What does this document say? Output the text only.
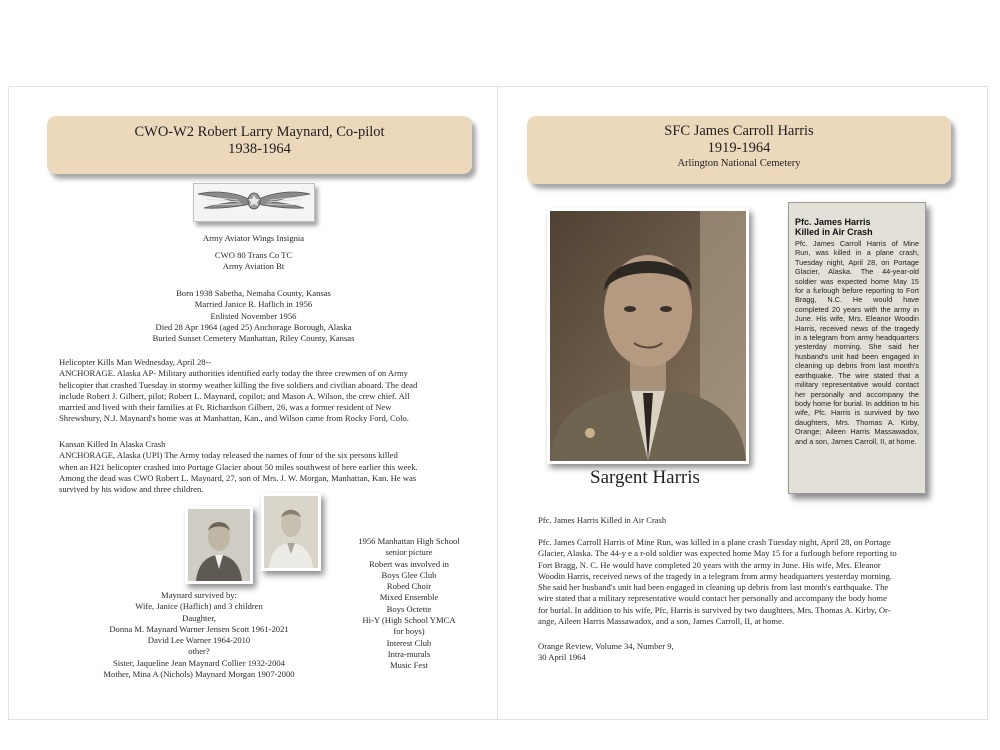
CWO-W2 Robert Larry Maynard, Co-pilot
1938-1964
Army Aviator Wings Insignia
CWO 80 Trans Co TC
Army Aviation Bt
Born 1938 Sabetha, Nemaha County, Kansas
Married Janice R. Haflich in 1956
Enlisted November 1956
Died 28 Apr 1964 (aged 25) Anchorage Borough, Alaska
Buried Sunset Cemetery Manhattan, Riley County, Kansas
Helicopter Kills Man Wednesday, April 28--
ANCHORAGE. Alaska AP- Military authorities identified early today the three crewmen of on Army
helicopter that crashed Tuesday in stormy weather killing the five soldiers and civilian aboard. The dead
include Robert J. Gilbert, pilot; Robert L. Maynard, copilot; and Mason A. Wilson, the crew chief. All
married and lived with their families at Ft. Richardson Gilbert, 26, was a former resident of New
Shrewsbury, N.J. Maynard's home was at Manhattan, Kan., and Wilson came from Rocky Ford, Colo.
Kansan Killed In Alaska Crash
ANCHORAGE, Alaska (UPI) The Army today released the names of four of the six persons killed
when an H21 helicopter crashed into Portage Glacier about 50 miles southwest of here earlier this week.
Among the dead was CWO Robert L. Maynard, 27, son of Mrs. J. W. Morgan, Manhattan, Kan. He was
survived by his widow and three children.
1956 Manhattan High School
senior picture
Robert was involved in
Boys Glee Club
Robed Choir
Mixed Ensemble
Boys Octette
Hi-Y (High School YMCA
for boys)
Interest Club
Intra-murals
Music Fest
Maynard survived by:
Wife, Janice (Haflich) and 3 children
Daughter,
Donna M. Maynard Warner Jensen Scott 1961-2021
David Lee Warner 1964-2010
other?
Sister, Jaqueline Jean Maynard Collier 1932-2004
Mother, Mina A (Nichols) Maynard Morgan 1907-2000
SFC James Carroll Harris
1919-1964
Arlington National Cemetery
Sargent Harris
Pfc. James Harris
Killed in Air Crash
Pfc. James Carroll Harris of Mine Run, was killed in a plane crash, Tuesday night, April 28, on Portage Glacier, Alaska. The 44-year-old soldier was expected home May 15 for a furlough before reporting to Fort Bragg, N.C. He would have completed 20 years with the army in June. His wife, Mrs. Eleanor Woodin Harris, received news of the tragedy in a telegram from army headquarters yesterday morning. She said her husband's unit had been engaged in cleaning up debris from last month's earthquake. The wire stated that a military representative would contact her personally and accompany the body home for burial. In addition to his wife, Pfc. Harris is survived by two daughters, Mrs. Thomas A. Kirby, Orange; Aileen Harris Massawadox, and a son, James Carroll, II, at home.
Pfc. James Harris Killed in Air Crash
Pfc. James Carroll Harris of Mine Run, was killed in a plane crash Tuesday night, April 28, on Portage
Glacier, Alaska. The 44-y e a r-old soldier was expected home May 15 for a furlough before reporting to
Fort Bragg, N. C. He would have completed 20 years with the army in June. His wife, Mrs. Eleanor
Woodin Harris, received news of the tragedy in a telegram from army headquarters yesterday morning.
She said her husband's unit had been engaged in cleaning up debris from last month's earthquake. The
wire stated that a military representative would contact her personally and accompany the body home
for burial. In addition to his wife, Pfc, Harris is survived by two daughters, Mrs. Thomas A. Kirby, Or-
ange, Aileen Harris Massawadox, and a son, James Carroll, II, at home.
Orange Review, Volume 34, Number 9,
30 April 1964
